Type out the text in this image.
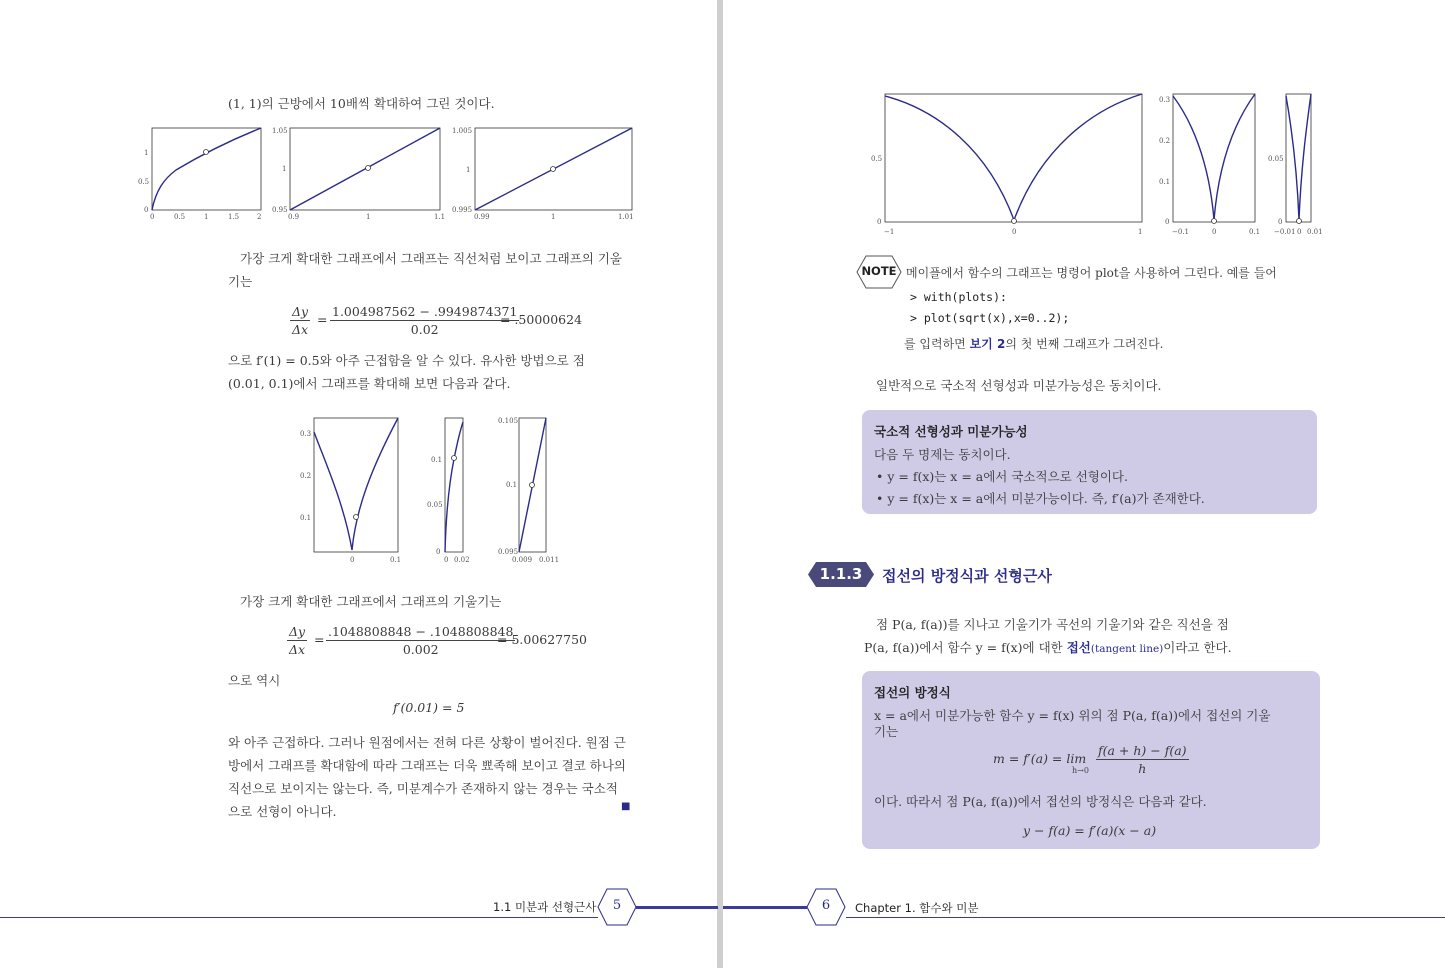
(1, 1)의 근방에서 10배씩 확대하여 그린 것이다.
0	0.5	1	1.5	2
0
0.5
1
0.9	1	1.1
0.95
1
1.05
0.99	1	1.01
0.995
1
1.005
가장 크게 확대한 그래프에서 그래프는 직선처럼 보이고 그래프의 기울
기는
$\frac{\Delta y}{\Delta x} = \frac{1.004987562 - .9949874371}{0.02}$
= .50000624
으로 f′(1) = 0.5와 아주 근접함을 알 수 있다. 유사한 방법으로 점
(0.01, 0.1)에서 그래프를 확대해 보면 다음과 같다.
0	0.1
0.1
0.2
0.3
0 0.02
0
0.05
0.1
0.009 0.011
0.095
0.1
0.105
가장 크게 확대한 그래프에서 그래프의 기울기는
$\frac{\Delta y}{\Delta x} = \frac{.1048808848 - .1048808848}{0.002}$
= 5.00627750
으로 역시
f′(0.01) = 5
와 아주 근접하다. 그러나 원점에서는 전혀 다른 상황이 벌어진다. 원점 근
방에서 그래프를 확대함에 따라 그래프는 더욱 뾰족해 보이고 결코 하나의
직선으로 보이지는 않는다. 즉, 미분계수가 존재하지 않는 경우는 국소적
으로 선형이 아니다.	■
1.1 미분과 선형근사	5
−1	0	1
0
0.5
−0.1	0	0.1
0
0.1
0.2
0.3
−0.01 0 0.01
0
0.05
NOTE 메이플에서 함수의 그래프는 명령어 plot을 사용하여 그린다. 예를 들어
> with(plots):
> plot(sqrt(x),x=0..2);
를 입력하면 보기 2의 첫 번째 그래프가 그려진다.
일반적으로 국소적 선형성과 미분가능성은 동치이다.
국소적 선형성과 미분가능성
다음 두 명제는 동치이다.
• y = f(x)는 x = a에서 국소적으로 선형이다.
• y = f(x)는 x = a에서 미분가능이다. 즉, f′(a)가 존재한다.
1.1.3	접선의 방정식과 선형근사
점 P(a, f(a))를 지나고 기울기가 곡선의 기울기와 같은 직선을 점
P(a, f(a))에서 함수 y = f(x)에 대한 접선(tangent line)이라고 한다.
접선의 방정식
x = a에서 미분가능한 함수 y = f(x) 위의 점 P(a, f(a))에서 접선의 기울
기는
m = f′(a) = lim
$h\to 0 \frac{f(a + h) - f(a)}{h}$
이다. 따라서 점 P(a, f(a))에서 접선의 방정식은 다음과 같다.
y − f(a) = f′(a)(x − a)
6	Chapter 1. 함수와 미분
